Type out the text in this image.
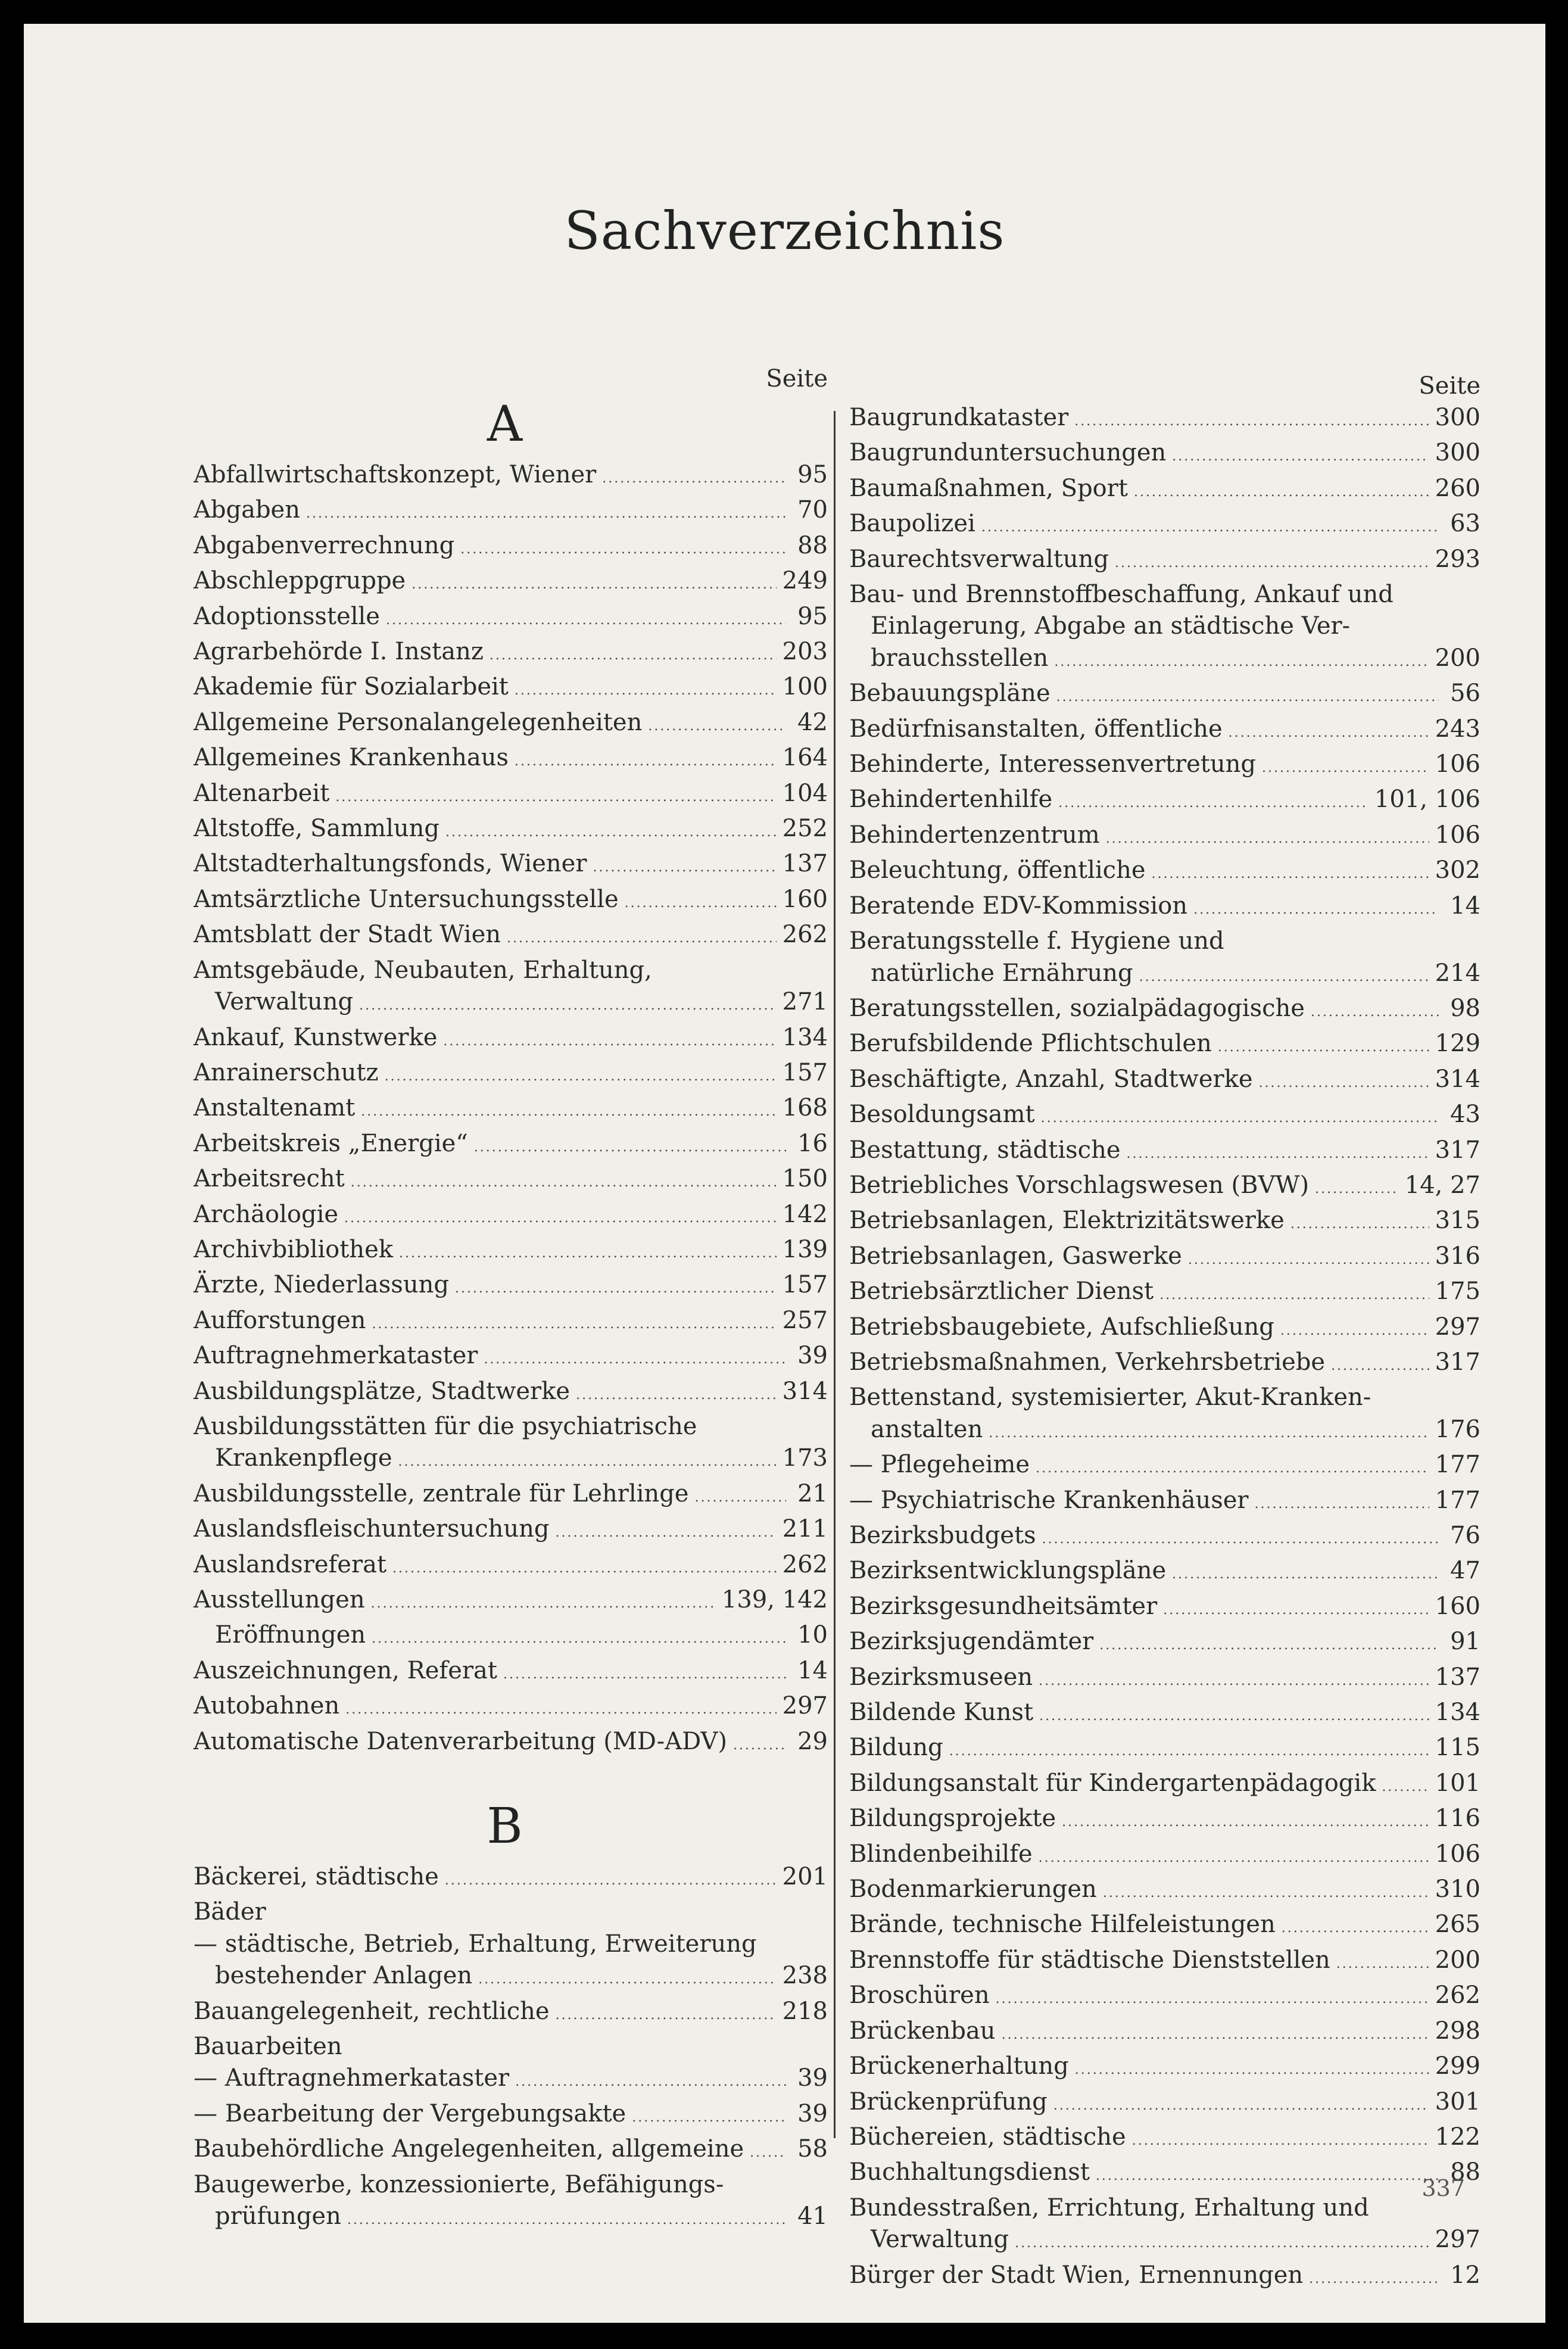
Sachverzeichnis
Seite
A
Abfallwirtschaftskonzept, Wiener .....	95
Abgaben .....	70
Abgabenverrechnung .....	88
Abschleppgruppe .....	249
Adoptionsstelle .....	95
Agrarbehörde I. Instanz .....	203
Akademie für Sozialarbeit .....	100
Allgemeine Personalangelegenheiten .....	42
Allgemeines Krankenhaus .....	164
Altenarbeit .....	104
Altstoffe, Sammlung .....	252
Altstadterhaltungsfonds, Wiener .....	137
Amtsärztliche Untersuchungsstelle .....	160
Amtsblatt der Stadt Wien .....	262
Amtsgebäude, Neubauten, Erhaltung,
Verwaltung .....	271
Ankauf, Kunstwerke .....	134
Anrainerschutz .....	157
Anstaltenamt .....	168
Arbeitskreis „Energie“ .....	16
Arbeitsrecht .....	150
Archäologie .....	142
Archivbibliothek .....	139
Ärzte, Niederlassung .....	157
Aufforstungen .....	257
Auftragnehmerkataster .....	39
Ausbildungsplätze, Stadtwerke .....	314
Ausbildungsstätten für die psychiatrische
Krankenpflege .....	173
Ausbildungsstelle, zentrale für Lehrlinge .....	21
Auslandsfleischuntersuchung .....	211
Auslandsreferat .....	262
Ausstellungen .....	139, 142
Eröffnungen .....	10
Auszeichnungen, Referat .....	14
Autobahnen .....	297
Automatische Datenverarbeitung (MD-ADV) .....	29
B
Bäckerei, städtische .....	201
Bäder
— städtische, Betrieb, Erhaltung, Erweiterung
bestehender Anlagen .....	238
Bauangelegenheit, rechtliche .....	218
Bauarbeiten
— Auftragnehmerkataster .....	39
— Bearbeitung der Vergebungsakte .....	39
Baubehördliche Angelegenheiten, allgemeine ..... 58
Baugewerbe, konzessionierte, Befähigungs-
prüfungen .....	41
Seite
Baugrundkataster .....	300
Baugrunduntersuchungen .....	300
Baumaßnahmen, Sport .....	260
Baupolizei .....	63
Baurechtsverwaltung .....	293
Bau- und Brennstoffbeschaffung, Ankauf und
Einlagerung, Abgabe an städtische Ver-
brauchsstellen .....	200
Bebauungspläne .....	56
Bedürfnisanstalten, öffentliche .....	243
Behinderte, Interessenvertretung .....	106
Behindertenhilfe .....	101, 106
Behindertenzentrum .....	106
Beleuchtung, öffentliche .....	302
Beratende EDV-Kommission .....	14
Beratungsstelle f. Hygiene und
natürliche Ernährung .....	214
Beratungsstellen, sozialpädagogische .....	98
Berufsbildende Pflichtschulen .....	129
Beschäftigte, Anzahl, Stadtwerke .....	314
Besoldungsamt .....	43
Bestattung, städtische .....	317
Betriebliches Vorschlagswesen (BVW) .....	14, 27
Betriebsanlagen, Elektrizitätswerke .....	315
Betriebsanlagen, Gaswerke .....	316
Betriebsärztlicher Dienst .....	175
Betriebsbaugebiete, Aufschließung .....	297
Betriebsmaßnahmen, Verkehrsbetriebe .....	317
Bettenstand, systemisierter, Akut-Kranken-
anstalten .....	176
— Pflegeheime .....	177
— Psychiatrische Krankenhäuser .....	177
Bezirksbudgets .....	76
Bezirksentwicklungspläne .....	47
Bezirksgesundheitsämter .....	160
Bezirksjugendämter .....	91
Bezirksmuseen .....	137
Bildende Kunst .....	134
Bildung .....	115
Bildungsanstalt für Kindergartenpädagogik ..... 101
Bildungsprojekte .....	116
Blindenbeihilfe .....	106
Bodenmarkierungen .....	310
Brände, technische Hilfeleistungen .....	265
Brennstoffe für städtische Dienststellen .....	200
Broschüren .....	262
Brückenbau .....	298
Brückenerhaltung .....	299
Brückenprüfung .....	301
Büchereien, städtische .....	122
Buchhaltungsdienst .....	88
Bundesstraßen, Errichtung, Erhaltung und
Verwaltung .....	297
Bürger der Stadt Wien, Ernennungen .....	12
337
